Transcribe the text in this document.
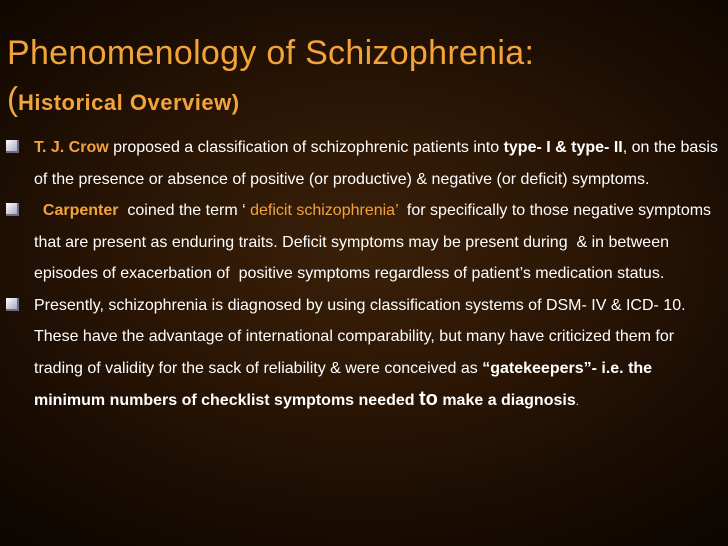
Phenomenology of Schizophrenia:
(Historical Overview)
T. J. Crow proposed a classification of schizophrenic patients into type- I & type- II, on the basis of the presence or absence of positive (or productive) & negative (or deficit) symptoms.
Carpenter  coined the term ‘ deficit schizophrenia’  for specifically to those negative symptoms that are present as enduring traits. Deficit symptoms may be present during  & in between episodes of exacerbation of  positive symptoms regardless of patient’s medication status.
Presently, schizophrenia is diagnosed by using classification systems of DSM- IV & ICD- 10. These have the advantage of international comparability, but many have criticized them for trading of validity for the sack of reliability & were conceived as “gatekeepers”- i.e. the minimum numbers of checklist symptoms needed to make a diagnosis.
